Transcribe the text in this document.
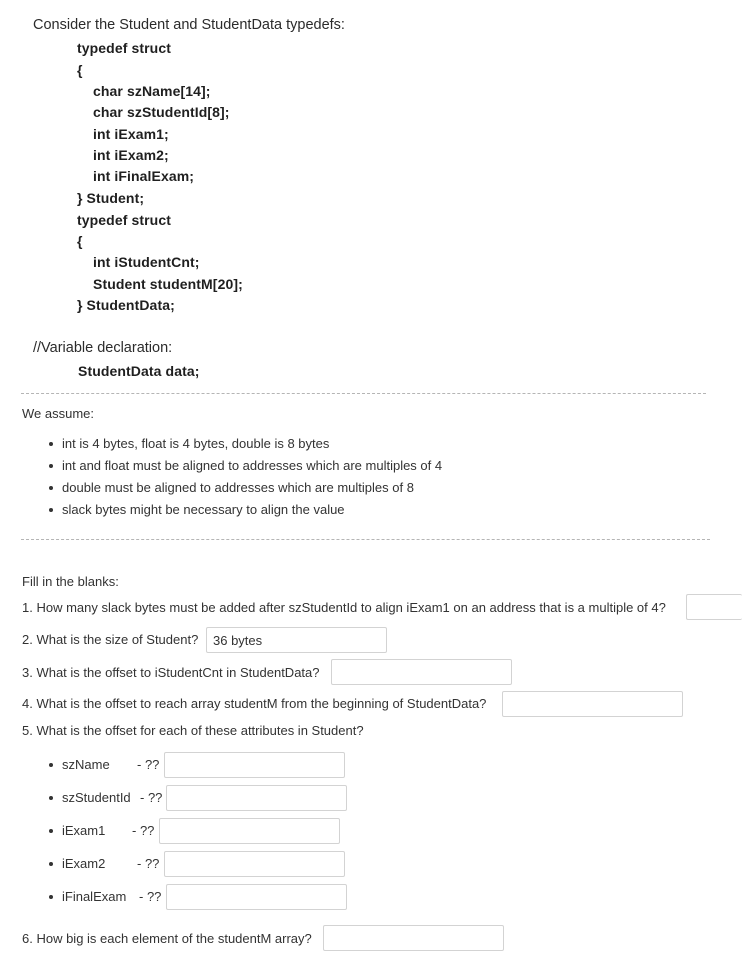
Consider the Student and StudentData typedefs:
typedef struct
{
char szName[14];
char szStudentId[8];
int iExam1;
int iExam2;
int iFinalExam;
} Student;
typedef struct
{
int iStudentCnt;
Student studentM[20];
} StudentData;
//Variable declaration:
StudentData data;
We assume:
int is 4 bytes, float is 4 bytes, double is 8 bytes
int and float must be aligned to addresses which are multiples of 4
double must be aligned to addresses which are multiples of 8
slack bytes might be necessary to align the value
Fill in the blanks:
1. How many slack bytes must be added after szStudentId to align iExam1 on an address that is a multiple of 4?
2. What is the size of Student?
36 bytes
3. What is the offset to iStudentCnt in StudentData?
4. What is the offset to reach array studentM from the beginning of StudentData?
5. What is the offset for each of these attributes in Student?
szName - ??
szStudentId - ??
iExam1 - ??
iExam2 - ??
iFinalExam - ??
6. How big is each element of the studentM array?
